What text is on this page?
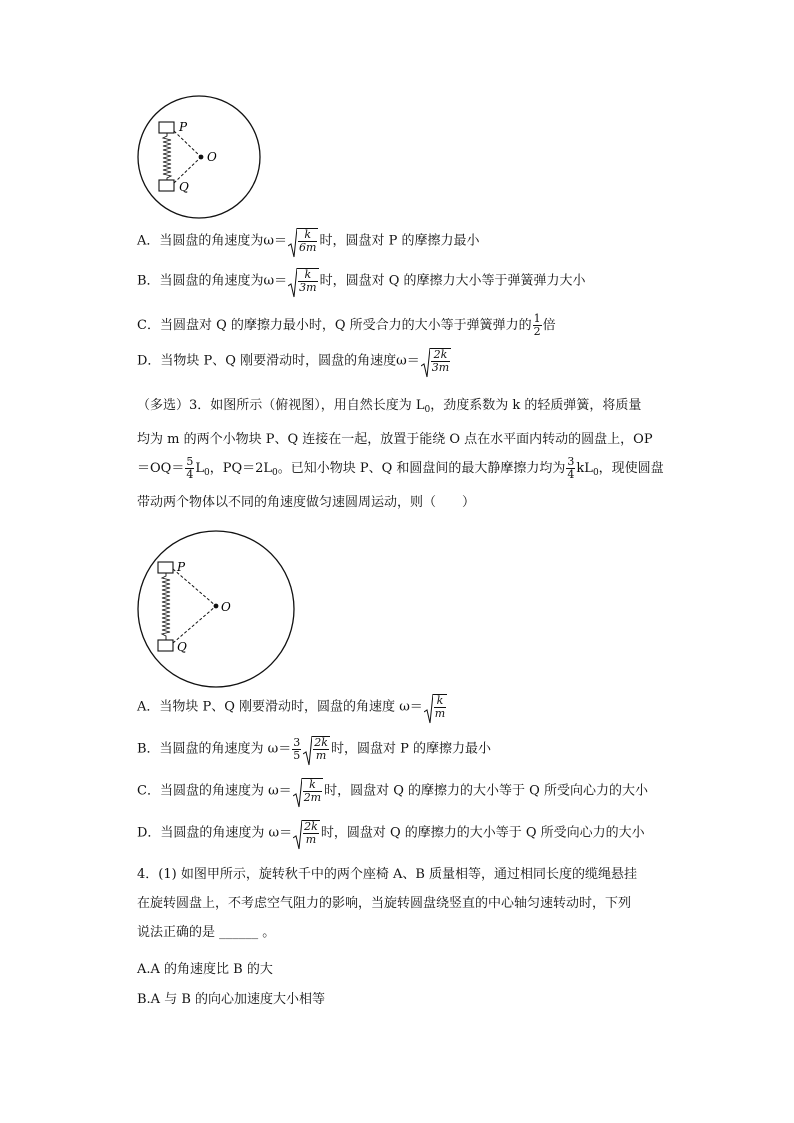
P
O
Q
A．当圆盘的角速度为$\omega= \frac{k}{6m}$ 时，圆盘对 P 的摩擦力最小
B．当圆盘的角速度为$\omega= \frac{k}{3m}$ 时，圆盘对 Q 的摩擦力大小等于弹簧弹力大小
C．当圆盘对 Q 的摩擦力最小时，Q 所受合力的大小等于弹簧弹力的 $\frac{1}{2}$ 倍
D．当物块 P、Q 刚要滑动时，圆盘的角速度$\omega= \frac{2k}{3m}$
（多选）3．如图所示（俯视图），用自然长度为 $L_0$，劲度系数为 k 的轻质弹簧，将质量
均为 m 的两个小物块 P、Q 连接在一起，放置于能绕 O 点在水平面内转动的圆盘上，OP
$=OQ= \frac{5}{4} L_0$，$PQ=2L_0$。已知小物块 P、Q 和圆盘间的最大静摩擦力均为 $\frac{3}{4} kL_0$，现使圆盘
带动两个物体以不同的角速度做匀速圆周运动，则（　　）
P
O
Q
A．当物块 P、Q 刚要滑动时，圆盘的角速度 $\omega= \frac{k}{m}$
B．当圆盘的角速度为 $\omega= \frac{3}{5} \frac{2k}{m}$ 时，圆盘对 P 的摩擦力最小
C．当圆盘的角速度为 $\omega= \frac{k}{2m}$ 时，圆盘对 Q 的摩擦力的大小等于 Q 所受向心力的大小
D．当圆盘的角速度为 $\omega= \frac{2k}{m}$ 时，圆盘对 Q 的摩擦力的大小等于 Q 所受向心力的大小
4．(1) 如图甲所示，旋转秋千中的两个座椅 A、B 质量相等，通过相同长度的缆绳悬挂
在旋转圆盘上，不考虑空气阻力的影响，当旋转圆盘绕竖直的中心轴匀速转动时，下列
说法正确的是 ______ 。
A.A 的角速度比 B 的大
B.A 与 B 的向心加速度大小相等
